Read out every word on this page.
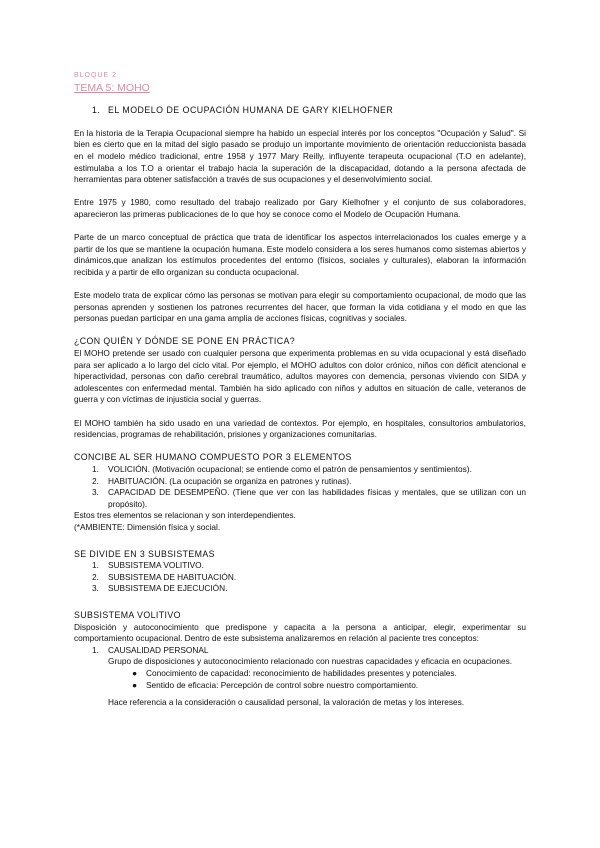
BLOQUE 2
TEMA 5: MOHO
1. EL MODELO DE OCUPACIÓN HUMANA DE GARY KIELHOFNER

En la historia de la Terapia Ocupacional siempre ha habido un especial interés por los conceptos "Ocupación y Salud". Si bien es cierto que en la mitad del siglo pasado se produjo un importante movimiento de orientación reduccionista basada en el modelo médico tradicional, entre 1958 y 1977 Mary Reilly, influyente terapeuta ocupacional (T.O en adelante), estimulaba a los T.O a orientar el trabajo hacia la superación de la discapacidad, dotando a la persona afectada de herramientas para obtener satisfacción a través de sus ocupaciones y el desenvolvimiento social.

Entre 1975 y 1980, como resultado del trabajo realizado por Gary Kielhofner y el conjunto de sus colaboradores, aparecieron las primeras publicaciones de lo que hoy se conoce como el Modelo de Ocupación Humana.

Parte de un marco conceptual de práctica que trata de identificar los aspectos interrelacionados los cuales emerge y a partir de los que se mantiene la ocupación humana. Este modelo considera a los seres humanos como sistemas abiertos y dinámicos,que analizan los estímulos procedentes del entorno (físicos, sociales y culturales), elaboran la información recibida y a partir de ello organizan su conducta ocupacional.

Este modelo trata de explicar cómo las personas se motivan para elegir su comportamiento ocupacional, de modo que las personas aprenden y sostienen los patrones recurrentes del hacer, que forman la vida cotidiana y el modo en que las personas puedan participar en una gama amplia de acciones físicas, cognitivas y sociales.

¿CON QUIÉN Y DÓNDE SE PONE EN PRÁCTICA?

El MOHO pretende ser usado con cualquier persona que experimenta problemas en su vida ocupacional y está diseñado para ser aplicado a lo largo del ciclo vital. Por ejemplo, el MOHO adultos con dolor crónico, niños con déficit atencional e hiperactividad, personas con daño cerebral traumático, adultos mayores con demencia, personas viviendo con SIDA y adolescentes con enfermedad mental. También ha sido aplicado con niños y adultos en situación de calle, veteranos de guerra y con víctimas de injusticia social y guerras.

El MOHO también ha sido usado en una variedad de contextos. Por ejemplo, en hospitales, consultorios ambulatorios, residencias, programas de rehabilitación, prisiones y organizaciones comunitarias.

CONCIBE AL SER HUMANO COMPUESTO POR 3 ELEMENTOS
1.	VOLICIÓN. (Motivación ocupacional; se entiende como el patrón de pensamientos y sentimientos).
2.	HABITUACIÓN. (La ocupación se organiza en patrones y rutinas).
3.	CAPACIDAD DE DESEMPEÑO. (Tiene que ver con las habilidades físicas y mentales, que se utilizan con un propósito).
Estos tres elementos se relacionan y son interdependientes.
(*AMBIENTE: Dimensión física y social.
SE DIVIDE EN 3 SUBSISTEMAS
1.	SUBSISTEMA VOLITIVO.
2.	SUBSISTEMA DE HABITUACIÓN.
3.	SUBSISTEMA DE EJECUCIÓN.
SUBSISTEMA VOLITIVO

Disposición y autoconocimiento que predispone y capacita a la persona a anticipar, elegir, experimentar su comportamiento ocupacional. Dentro de este subsistema analizaremos en relación al paciente tres conceptos:

1.	CAUSALIDAD PERSONAL
Grupo de disposiciones y autoconocimiento relacionado con nuestras capacidades y eficacia en ocupaciones.
●	Conocimiento de capacidad: reconocimiento de habilidades presentes y potenciales.
●	Sentido de eficacia: Percepción de control sobre nuestro comportamiento.
Hace referencia a la consideración o causalidad personal, la valoración de metas y los intereses.
